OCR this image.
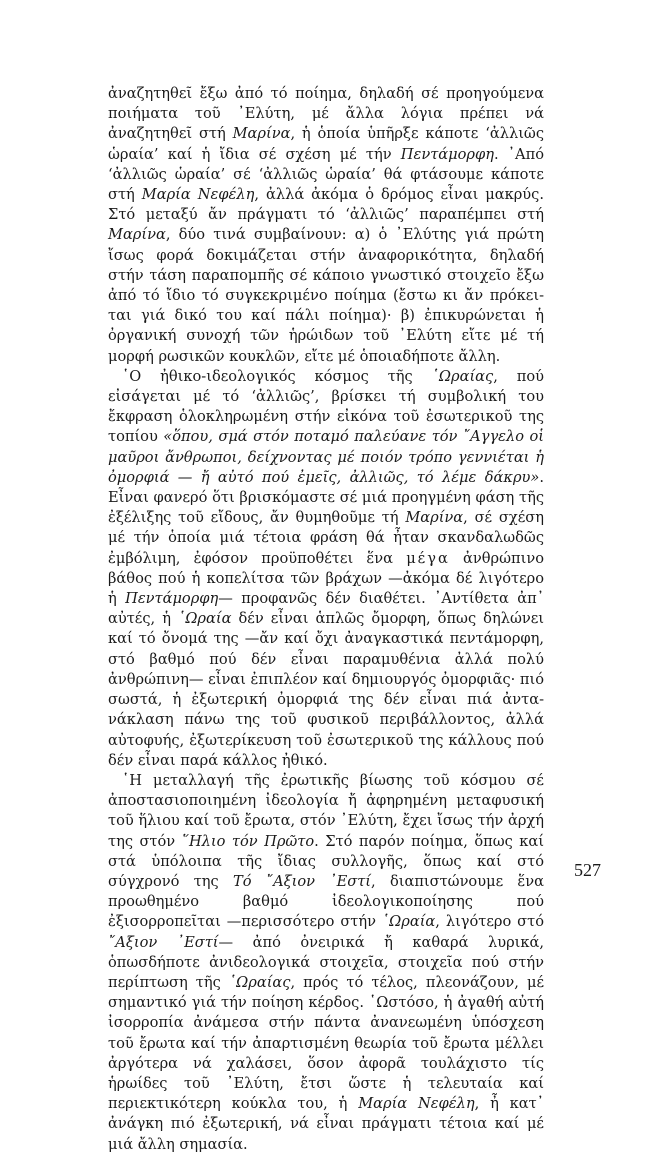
ἀναζητηθεῖ ἔξω ἀπό τό ποίημα, δηλαδή σέ προηγούμενα ποιήματα τοῦ ᾿Ελύτη, μέ ἄλλα λόγια πρέπει νά ἀναζητηθεῖ στή Μαρίνα, ἡ ὁποία ὑπῆρξε κάποτε ‘ἀλλιῶς ὡραία’ καί ἡ ἴδια σέ σχέση μέ τήν Πεντάμορφη. ᾿Από ‘ἀλλιῶς ὡραία’ σέ ‘ἀλλιῶς ὡραία’ θά φτάσουμε κάποτε στή Μαρία Νεφέλη, ἀλλά ἀκόμα ὁ δρόμος εἶναι μακρύς. Στό μεταξύ ἄν πράγματι τό ‘ἀλλιῶς’ παραπέμπει στή Μαρίνα, δύο τινά συμβαίνουν: α) ὁ ᾿Ελύτης γιά πρώτη ἴσως φορά δοκιμάζεται στήν ἀναφορικότητα, δηλαδή στήν τάση παραπομπῆς σέ κάποιο γνωστικό στοιχεῖο ἔξω ἀπό τό ἴδιο τό συγκεκριμένο ποίημα (ἔστω κι ἄν πρόκειται γιά δικό του καί πάλι ποίημα)· β) ἐπικυρώνεται ἡ ὀργανική συνοχή τῶν ἡρώιδων τοῦ ᾿Ελύτη εἴτε μέ τή μορφή ρωσικῶν κουκλῶν, εἴτε μέ ὁποιαδήποτε ἄλλη.

῾Ο ἠθικο-ιδεολογικός κόσμος τῆς ῾Ωραίας, πού εἰσάγεται μέ τό ‘ἀλλιῶς’, βρίσκει τή συμβολική του ἔκφραση ὁλοκληρωμένη στήν εἰκόνα τοῦ ἐσωτερικοῦ της τοπίου «ὅπου, σμά στόν ποταμό παλεύανε τόν ῎Αγγελο οἱ μαῦροι ἄνθρωποι, δείχνοντας μέ ποιόν τρόπο γεννιέται ἡ ὀμορφιά — ἤ αὐτό πού ἐμεῖς, ἀλλιῶς, τό λέμε δάκρυ». Εἶναι φανερό ὅτι βρισκόμαστε σέ μιά προηγμένη φάση τῆς ἐξέλιξης τοῦ εἴδους, ἄν θυμηθοῦμε τή Μαρίνα, σέ σχέση μέ τήν ὁποία μιά τέτοια φράση θά ἦταν σκανδαλωδῶς ἐμβόλιμη, ἐφόσον προϋποθέτει ἕνα μέγα ἀνθρώπινο βάθος πού ἡ κοπελίτσα τῶν βράχων —ἀκόμα δέ λιγότερο ἡ Πεντάμορφη— προφανῶς δέν διαθέτει. ᾿Αντίθετα ἀπ᾿ αὐτές, ἡ ῾Ωραία δέν εἶναι ἁπλῶς ὄμορφη, ὅπως δηλώνει καί τό ὄνομά της —ἄν καί ὄχι ἀναγκαστικά πεντάμορφη, στό βαθμό πού δέν εἶναι παραμυθένια ἀλλά πολύ ἀνθρώπινη— εἶναι ἐπιπλέον καί δημιουργός ὀμορφιᾶς· πιό σωστά, ἡ ἐξωτερική ὀμορφιά της δέν εἶναι πιά ἀντανάκλαση πάνω της τοῦ φυσικοῦ περιβάλλοντος, ἀλλά αὐτοφυής, ἐξωτερίκευση τοῦ ἐσωτερικοῦ της κάλλους πού δέν εἶναι παρά κάλλος ἠθικό.

῾Η μεταλλαγή τῆς ἐρωτικῆς βίωσης τοῦ κόσμου σέ ἀποστασιοποιημένη ἰδεολογία ἤ ἀφηρημένη μεταφυσική τοῦ ἥλιου καί τοῦ ἔρωτα, στόν ᾿Ελύτη, ἔχει ἴσως τήν ἀρχή της στόν ῞Ηλιο τόν Πρῶτο. Στό παρόν ποίημα, ὅπως καί στά ὑπόλοιπα τῆς ἴδιας συλλογῆς, ὅπως καί στό σύγχρονό της Τό ῎Αξιον ᾿Εστί, διαπιστώνουμε ἕνα προωθημένο βαθμό ἰδεολογικοποίησης πού ἐξισορροπεῖται —περισσότερο στήν ῾Ωραία, λιγότερο στό ῎Αξιον ᾿Εστί— ἀπό ὀνειρικά ἤ καθαρά λυρικά, ὁπωσδήποτε ἀνιδεολογικά στοιχεῖα, στοιχεῖα πού στήν περίπτωση τῆς ῾Ωραίας, πρός τό τέλος, πλεονάζουν, μέ σημαντικό γιά τήν ποίηση κέρδος. ῾Ωστόσο, ἡ ἀγαθή αὐτή ἰσορροπία ἀνάμεσα στήν πάντα ἀνανεωμένη ὑπόσχεση τοῦ ἔρωτα καί τήν ἀπαρτισμένη θεωρία τοῦ ἔρωτα μέλλει ἀργότερα νά χαλάσει, ὅσον ἀφορᾶ τουλάχιστο τίς ἡρωίδες τοῦ ᾿Ελύτη, ἔτσι ὥστε ἡ τελευταία καί περιεκτικότερη κούκλα του, ἡ Μαρία Νεφέλη, ἦ κατ᾿ ἀνάγκη πιό ἐξωτερική, νά εἶναι πράγματι τέτοια καί μέ μιά ἄλλη σημασία.

527
